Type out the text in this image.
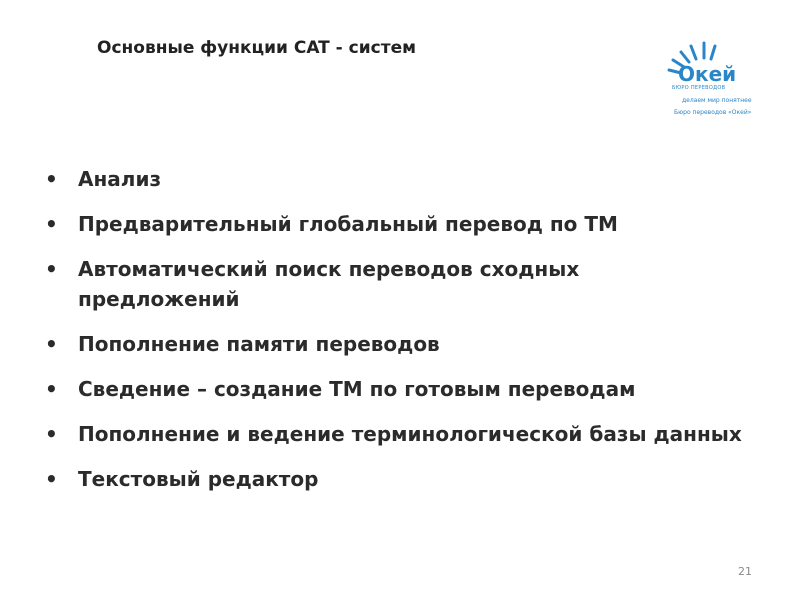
Основные функции CAT - систем
Окей
БЮРО ПЕРЕВОДОВ
делаем мир понятнее
Бюро переводов «Окей»
•	Анализ
•	Предварительный глобальный перевод по ТМ
•	Автоматический поиск переводов сходных предложений
•	Пополнение памяти переводов
•	Сведение – создание ТМ по готовым переводам
•	Пополнение и ведение терминологической базы данных
•	Текстовый редактор
21
